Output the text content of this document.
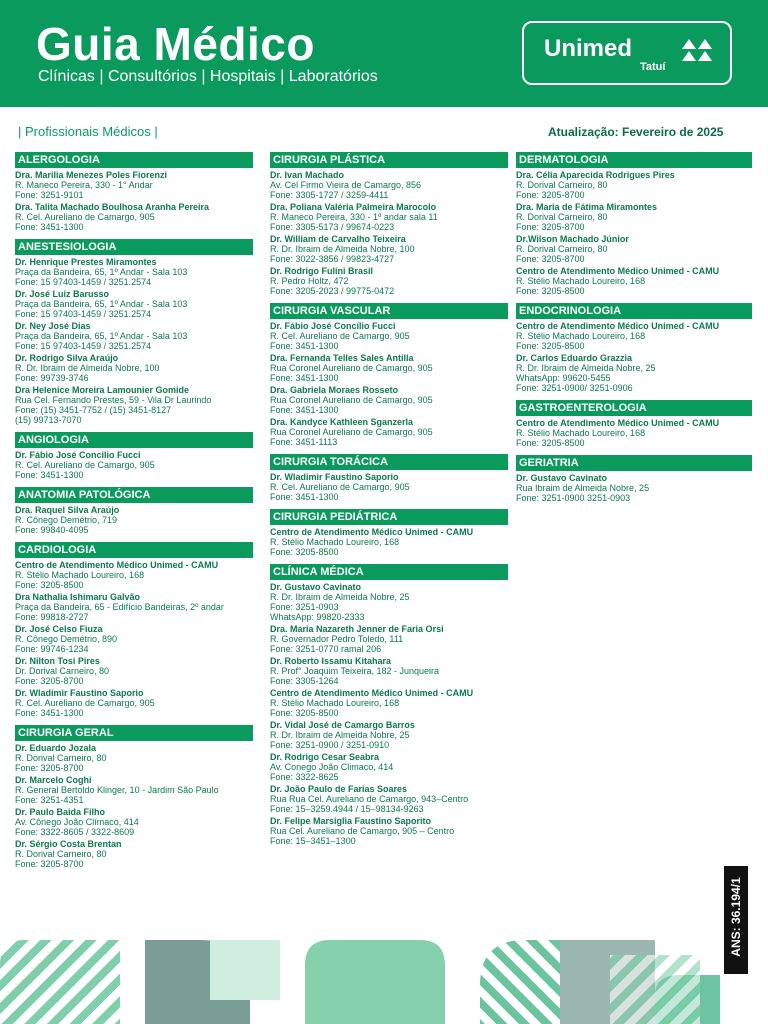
Guia Médico
Clínicas | Consultórios | Hospitais | Laboratórios
Unimed
Tatuí
| Profissionais Médicos |	Atualização: Fevereiro de 2025
ALERGOLOGIA
Dra. Marilia Menezes Poles Fiorenzi
R. Maneco Pereira, 330 - 1° Andar
Fone: 3251-9101
Dra. Talita Machado Boulhosa Aranha Pereira
R. Cel. Aureliano de Camargo, 905
Fone: 3451-1300
ANESTESIOLOGIA
Dr. Henrique Prestes Miramontes
Praça da Bandeira, 65, 1º Andar - Sala 103
Fone: 15 97403-1459 / 3251.2574
Dr. José Luiz Barusso
Praça da Bandeira, 65, 1º Andar - Sala 103
Fone: 15 97403-1459 / 3251.2574
Dr. Ney José Dias
Praça da Bandeira, 65, 1º Andar - Sala 103
Fone: 15 97403-1459 / 3251.2574
Dr. Rodrigo Silva Araújo
R. Dr. Ibraim de Almeida Nobre, 100
Fone: 99739-3746
Dra Helenice Moreira Lamounier Gomide
Rua Cel. Fernando Prestes, 59 - Vila Dr Laurindo
Fone: (15) 3451-7752 / (15) 3451-8127
(15) 99713-7070
ANGIOLOGIA
Dr. Fábio José Concilio Fucci
R. Cel. Aureliano de Camargo, 905
Fone: 3451-1300
ANATOMIA PATOLÓGICA
Dra. Raquel Silva Araújo
R. Cônego Demétrio, 719
Fone: 99840-4095
CARDIOLOGIA
Centro de Atendimento Médico Unimed - CAMU
R. Stélio Machado Loureiro, 168
Fone: 3205-8500
Dra Nathalia Ishimaru Galvão
Praça da Bandeira, 65 - Edifício Bandeiras, 2º andar
Fone: 99818-2727
Dr. José Celso Fiuza
R. Cônego Demétrio, 890
Fone: 99746-1234
Dr. Nilton Tosi Pires
Dr. Dorival Carneiro, 80
Fone: 3205-8700
Dr. Wladimir Faustino Saporio
R. Cel. Aureliano de Camargo, 905
Fone: 3451-1300
CIRURGIA GERAL
Dr. Eduardo Jozala
R. Dorival Carneiro, 80
Fone: 3205-8700
Dr. Marcelo Coghi
R. General Bertoldo Klinger, 10 - Jardim São Paulo
Fone: 3251-4351
Dr. Paulo Baida Filho
Av. Cônego João Clímaco, 414
Fone: 3322-8605 / 3322-8609
Dr. Sérgio Costa Brentan
R. Dorival Carneiro, 80
Fone: 3205-8700
CIRURGIA PLÁSTICA
Dr. Ivan Machado
Av. Cel Firmo Vieira de Camargo, 856
Fone: 3305-1727 / 3259-4411
Dra. Poliana Valéria Palmeira Marocolo
R. Maneco Pereira, 330 - 1º andar sala 11
Fone: 3305-5173 / 99674-0223
Dr. William de Carvalho Teixeira
R. Dr. Ibraim de Almeida Nobre, 100
Fone: 3022-3856 / 99823-4727
Dr. Rodrigo Fulini Brasil
R. Pedro Holtz, 472
Fone: 3205-2023 / 99775-0472
CIRURGIA VASCULAR
Dr. Fábio José Concílio Fucci
R. Cel. Aureliano de Camargo, 905
Fone: 3451-1300
Dra. Fernanda Telles Sales Antilla
Rua Coronel Aureliano de Camargo, 905
Fone: 3451-1300
Dra. Gabriela Moraes Rosseto
Rua Coronel Aureliano de Camargo, 905
Fone: 3451-1300
Dra. Kandyce Kathleen Sganzerla
Rua Coronel Aureliano de Camargo, 905
Fone: 3451-1113
CIRURGIA TORÁCICA
Dr. Wladimir Faustino Saporio
R. Cel. Aureliano de Camargo, 905
Fone: 3451-1300
CIRURGIA PEDIÁTRICA
Centro de Atendimento Médico Unimed - CAMU
R. Stélio Machado Loureiro, 168
Fone: 3205-8500
CLÍNICA MÉDICA
Dr. Gustavo Cavinato
R. Dr. Ibraim de Almeida Nobre, 25
Fone: 3251-0903
WhatsApp: 99820-2333
Dra. Maria Nazareth Jenner de Faria Orsi
R. Governador Pedro Toledo, 111
Fone: 3251-0770 ramal 206
Dr. Roberto Issamu Kitahara
R. Prof° Joaquim Teixeira, 182 - Junqueira
Fone: 3305-1264
Centro de Atendimento Médico Unimed - CAMU
R. Stélio Machado Loureiro, 168
Fone: 3205-8500
Dr. Vidal José de Camargo Barros
R. Dr. Ibraim de Almeida Nobre, 25
Fone: 3251-0900 / 3251-0910
Dr. Rodrigo Cesar Seabra
Av. Conego João Climaco, 414
Fone: 3322-8625
Dr. João Paulo de Farias Soares
Rua Rua Cel. Aureliano de Camargo, 943–Centro
Fone: 15–3259.4944 / 15–98134-9263
Dr. Felipe Marsiglia Faustino Saporito
Rua Cel. Aureliano de Camargo, 905 – Centro
Fone: 15–3451–1300
DERMATOLOGIA
Dra. Célia Aparecida Rodrigues Pires
R. Dorival Carneiro, 80
Fone: 3205-8700
Dra. Maria de Fátima Miramontes
R. Dorival Carneiro, 80
Fone: 3205-8700
Dr.Wilson Machado Júnior
R. Dorival Carneiro, 80
Fone: 3205-8700
Centro de Atendimento Médico Unimed - CAMU
R. Stélio Machado Loureiro, 168
Fone: 3205-8500
ENDOCRINOLOGIA
Centro de Atendimento Médico Unimed - CAMU
R. Stélio Machado Loureiro, 168
Fone: 3205-8500
Dr. Carlos Eduardo Grazzia
R. Dr. Ibraim de Almeida Nobre, 25
WhatsApp: 99620-5455
Fone: 3251-0900/ 3251-0906
GASTROENTEROLOGIA
Centro de Atendimento Médico Unimed - CAMU
R. Stélio Machado Loureiro, 168
Fone: 3205-8500
GERIATRIA
Dr. Gustavo Cavinato
Rua Ibraim de Almeida Nobre, 25
Fone: 3251-0900 3251-0903
ANS: 36.194/1
